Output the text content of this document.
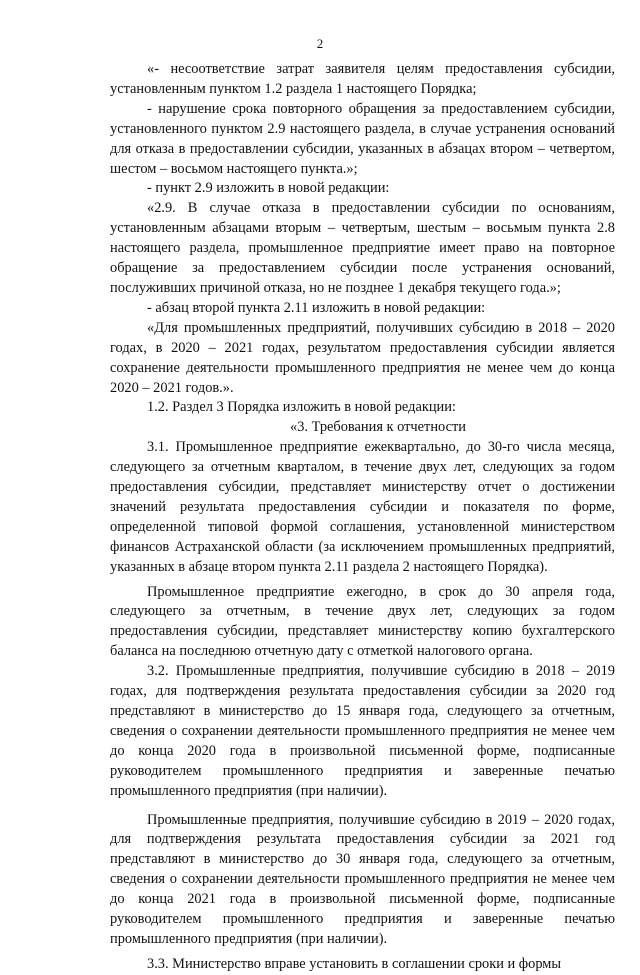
2

«- несоответствие затрат заявителя целям предоставления субсидии, установленным пунктом 1.2 раздела 1 настоящего Порядка;

- нарушение срока повторного обращения за предоставлением субсидии, установленного пунктом 2.9 настоящего раздела, в случае устранения оснований для отказа в предоставлении субсидии, указанных в абзацах втором – четвертом, шестом – восьмом настоящего пункта.»;

- пункт 2.9 изложить в новой редакции:

«2.9. В случае отказа в предоставлении субсидии по основаниям, установленным абзацами вторым – четвертым, шестым – восьмым пункта 2.8 настоящего раздела, промышленное предприятие имеет право на повторное обращение за предоставлением субсидии после устранения оснований, послуживших причиной отказа, но не позднее 1 декабря текущего года.»;

- абзац второй пункта 2.11 изложить в новой редакции:

«Для промышленных предприятий, получивших субсидию в 2018 – 2020 годах, в 2020 – 2021 годах, результатом предоставления субсидии является сохранение деятельности промышленного предприятия не менее чем до конца 2020 – 2021 годов.».

1.2. Раздел 3 Порядка изложить в новой редакции:

«3. Требования к отчетности

3.1. Промышленное предприятие ежеквартально, до 30-го числа месяца, следующего за отчетным кварталом, в течение двух лет, следующих за годом предоставления субсидии, представляет министерству отчет о достижении значений результата предоставления субсидии и показателя по форме, определенной типовой формой соглашения, установленной министерством финансов Астраханской области (за исключением промышленных предприятий, указанных в абзаце втором пункта 2.11 раздела 2 настоящего Порядка).

Промышленное предприятие ежегодно, в срок до 30 апреля года, следующего за отчетным, в течение двух лет, следующих за годом предоставления субсидии, представляет министерству копию бухгалтерского баланса на последнюю отчетную дату с отметкой налогового органа.

3.2. Промышленные предприятия, получившие субсидию в 2018 – 2019 годах, для подтверждения результата предоставления субсидии за 2020 год представляют в министерство до 15 января года, следующего за отчетным, сведения о сохранении деятельности промышленного предприятия не менее чем до конца 2020 года в произвольной письменной форме, подписанные руководителем промышленного предприятия и заверенные печатью промышленного предприятия (при наличии).

Промышленные предприятия, получившие субсидию в 2019 – 2020 годах, для подтверждения результата предоставления субсидии за 2021 год представляют в министерство до 30 января года, следующего за отчетным, сведения о сохранении деятельности промышленного предприятия не менее чем до конца 2021 года в произвольной письменной форме, подписанные руководителем промышленного предприятия и заверенные печатью промышленного предприятия (при наличии).

3.3. Министерство вправе установить в соглашении сроки и формы
